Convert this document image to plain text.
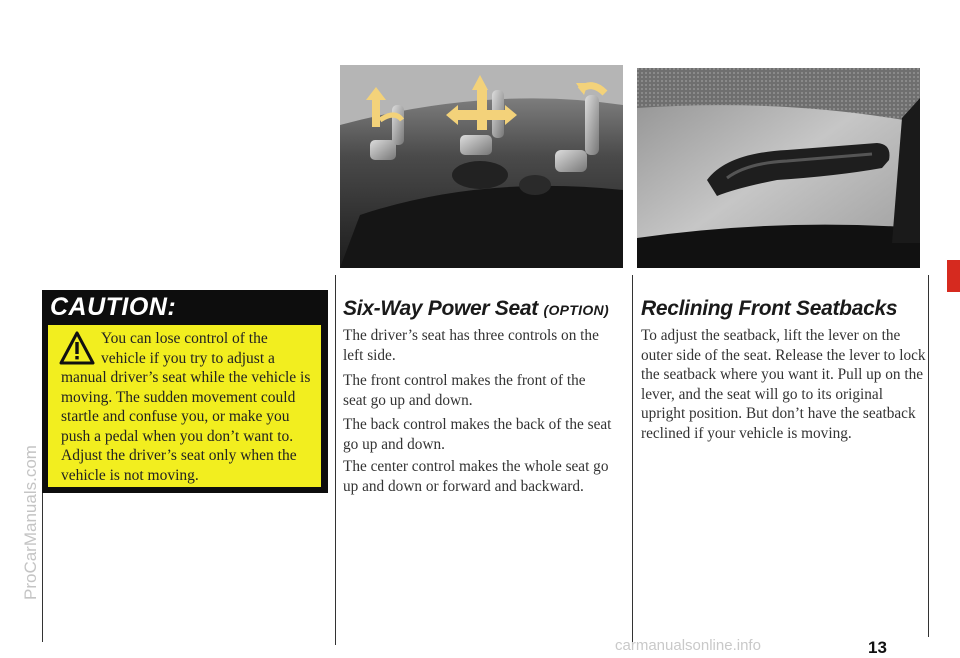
CAUTION:
You can lose control of the vehicle if you try to adjust a manual driver’s seat while the vehicle is moving. The sudden movement could startle and confuse you, or make you push a pedal when you don’t want to. Adjust the driver’s seat only when the vehicle is not moving.
Six-Way Power Seat (OPTION)

The driver’s seat has three controls on the left side.

The front control makes the front of the seat go up and down.

The back control makes the back of the seat go up and down.

The center control makes the whole seat go up and down or forward and backward.

Reclining Front Seatbacks

To adjust the seatback, lift the lever on the outer side of the seat. Release the lever to lock the seatback where you want it. Pull up on the lever, and the seat will go to its original upright position. But don’t have the seatback reclined if your vehicle is moving.

13
ProCarManuals.com
carmanualsonline.info
